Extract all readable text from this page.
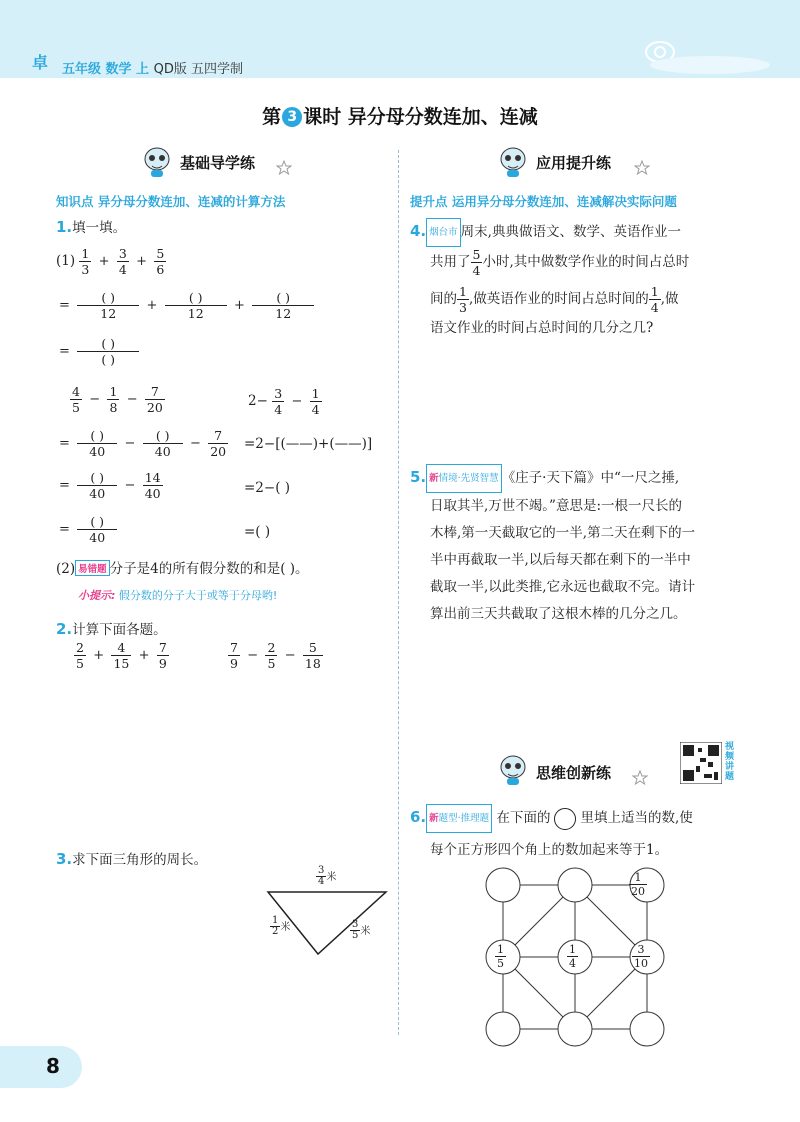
卓 五年级 数学 上 QD版 五四学制
第 3 课时 异分母分数连加、连减
基础导学练
知识点 异分母分数连加、连减的计算方法
1.填一填。
$(1) \frac{1}{3} + \frac{3}{4} + \frac{5}{6}$
= $\frac{( )}{12} + \frac{( )}{12} + \frac{( )}{12}$
= $\frac{( )}{( )}$
$\frac{4}{5} - \frac{1}{8} - \frac{7}{20}$
= $\frac{( )}{40} - \frac{( )}{40} - \frac{7}{20}$
= $\frac{( )}{40} - \frac{14}{40}$
= $\frac{( )}{40}$
$2- \frac{3}{4} - \frac{1}{4}$
=2−[(——)+(——)]
=2−( )
=( )
(2) 易错题 分子是4的所有假分数的和是( )。
小提示: 假分数的分子大于或等于分母哟!
2.计算下面各题。
$\frac{2}{5} + \frac{4}{15} + \frac{7}{9}$	$\frac{7}{9} - \frac{2}{5} - \frac{5}{18}$
3.求下面三角形的周长。
$\frac{3}{4}$ 米
$\frac{1}{2}$ 米	$\frac{3}{5}$ 米
应用提升练
提升点 运用异分母分数连加、连减解决实际问题
4. 烟台市 周末,典典做语文、数学、英语作业一
共用了 $\frac{5}{4}$ 小时,其中做数学作业的时间占总时
间的 $\frac{1}{3}$ ,做英语作业的时间占总时间的 $\frac{1}{4}$ ,做
语文作业的时间占总时间的几分之几?
5. 新情境·先贤智慧 《庄子·天下篇》中“一尺之捶,
日取其半,万世不竭。”意思是:一根一尺长的
木棒,第一天截取它的一半,第二天在剩下的一
半中再截取一半,以后每天都在剩下的一半中
截取一半,以此类推,它永远也截取不完。请计
算出前三天共截取了这根木棒的几分之几。
思维创新练
视频讲题
6. 新题型·推理题 在下面的 里填上适当的数,使
每个正方形四个角上的数加起来等于1。
$\frac{1}{20}$
$\frac{1}{5}$	$\frac{1}{4}$	$\frac{3}{10}$
8
